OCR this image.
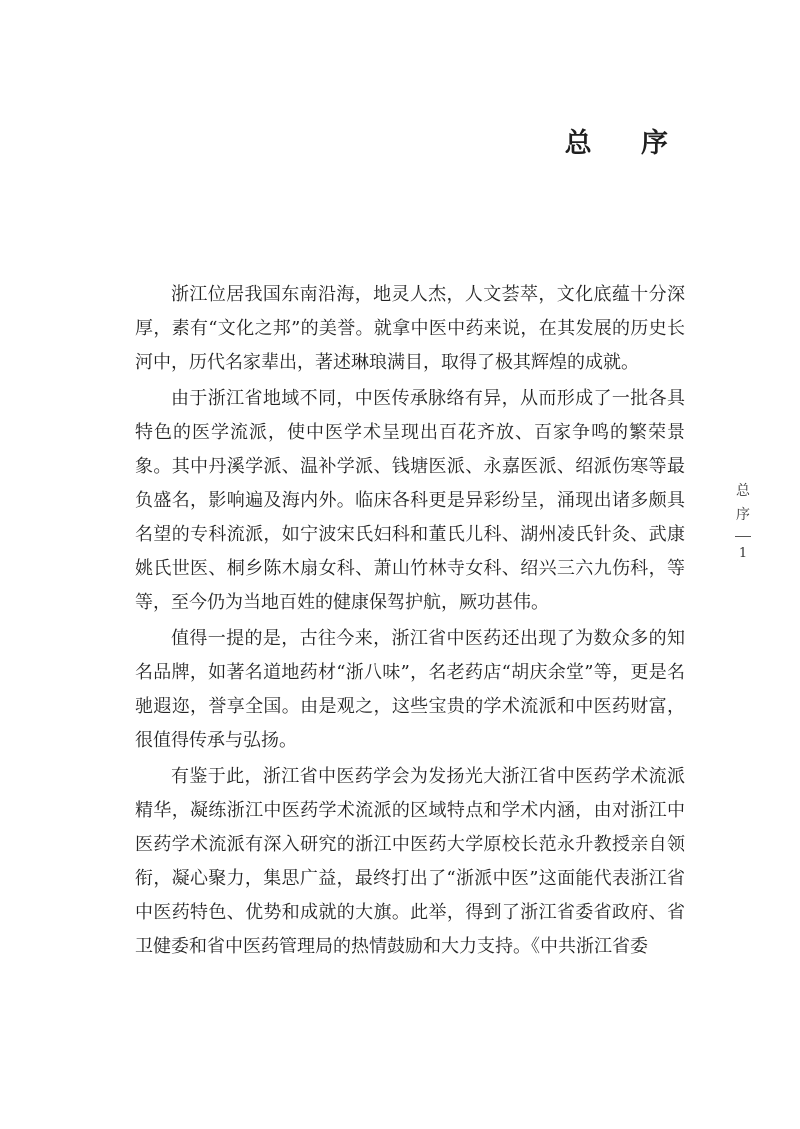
总 序

浙江位居我国东南沿海，地灵人杰，人文荟萃，文化底蕴十分深厚，素有“文化之邦”的美誉。就拿中医中药来说，在其发展的历史长河中，历代名家辈出，著述琳琅满目，取得了极其辉煌的成就。

由于浙江省地域不同，中医传承脉络有异，从而形成了一批各具特色的医学流派，使中医学术呈现出百花齐放、百家争鸣的繁荣景象。其中丹溪学派、温补学派、钱塘医派、永嘉医派、绍派伤寒等最负盛名，影响遍及海内外。临床各科更是异彩纷呈，涌现出诸多颇具名望的专科流派，如宁波宋氏妇科和董氏儿科、湖州凌氏针灸、武康姚氏世医、桐乡陈木扇女科、萧山竹林寺女科、绍兴三六九伤科，等等，至今仍为当地百姓的健康保驾护航，厥功甚伟。

值得一提的是，古往今来，浙江省中医药还出现了为数众多的知名品牌，如著名道地药材“浙八味”，名老药店“胡庆余堂”等，更是名驰遐迩，誉享全国。由是观之，这些宝贵的学术流派和中医药财富，很值得传承与弘扬。

有鉴于此，浙江省中医药学会为发扬光大浙江省中医药学术流派精华，凝练浙江中医药学术流派的区域特点和学术内涵，由对浙江中医药学术流派有深入研究的浙江中医药大学原校长范永升教授亲自领衔，凝心聚力，集思广益，最终打出了“浙派中医”这面能代表浙江省中医药特色、优势和成就的大旗。此举，得到了浙江省委省政府、省卫健委和省中医药管理局的热情鼓励和大力支持。《中共浙江省委

总
序
1
